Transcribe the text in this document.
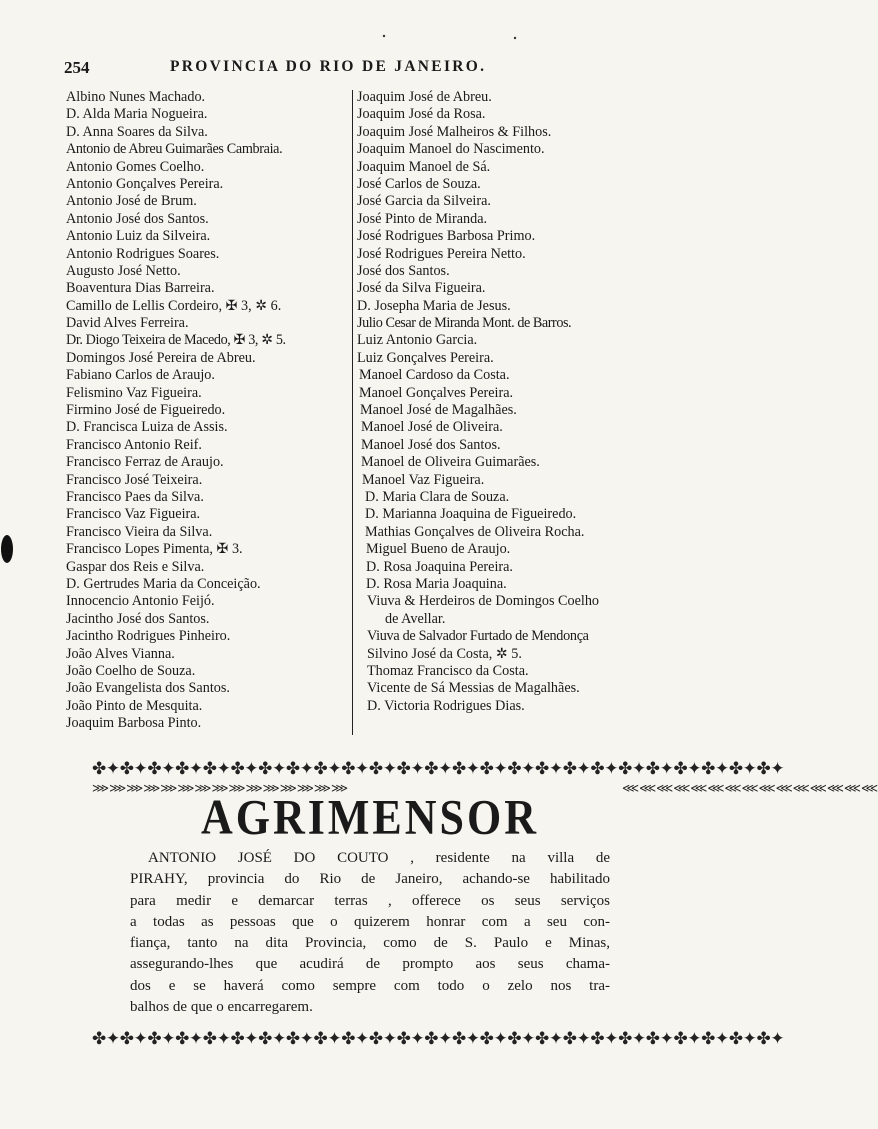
254	PROVINCIA DO RIO DE JANEIRO.
Albino Nunes Machado.
D. Alda Maria Nogueira.
D. Anna Soares da Silva.
Antonio de Abreu Guimarães Cambraia.
Antonio Gomes Coelho.
Antonio Gonçalves Pereira.
Antonio José de Brum.
Antonio José dos Santos.
Antonio Luiz da Silveira.
Antonio Rodrigues Soares.
Augusto José Netto.
Boaventura Dias Barreira.
Camillo de Lellis Cordeiro, ✠ 3, ✲ 6.
David Alves Ferreira.
Dr. Diogo Teixeira de Macedo, ✠ 3, ✲ 5.
Domingos José Pereira de Abreu.
Fabiano Carlos de Araujo.
Felismino Vaz Figueira.
Firmino José de Figueiredo.
D. Francisca Luiza de Assis.
Francisco Antonio Reif.
Francisco Ferraz de Araujo.
Francisco José Teixeira.
Francisco Paes da Silva.
Francisco Vaz Figueira.
Francisco Vieira da Silva.
Francisco Lopes Pimenta, ✠ 3.
Gaspar dos Reis e Silva.
D. Gertrudes Maria da Conceição.
Innocencio Antonio Feijó.
Jacintho José dos Santos.
Jacintho Rodrigues Pinheiro.
João Alves Vianna.
João Coelho de Souza.
João Evangelista dos Santos.
João Pinto de Mesquita.
Joaquim Barbosa Pinto.
Joaquim José de Abreu.
Joaquim José da Rosa.
Joaquim José Malheiros & Filhos.
Joaquim Manoel do Nascimento.
Joaquim Manoel de Sá.
José Carlos de Souza.
José Garcia da Silveira.
José Pinto de Miranda.
José Rodrigues Barbosa Primo.
José Rodrigues Pereira Netto.
José dos Santos.
José da Silva Figueira.
D. Josepha Maria de Jesus.
Julio Cesar de Miranda Mont. de Barros.
Luiz Antonio Garcia.
Luiz Gonçalves Pereira.
Manoel Cardoso da Costa.
Manoel Gonçalves Pereira.
Manoel José de Magalhães.
Manoel José de Oliveira.
Manoel José dos Santos.
Manoel de Oliveira Guimarães.
Manoel Vaz Figueira.
D. Maria Clara de Souza.
D. Marianna Joaquina de Figueiredo.
Mathias Gonçalves de Oliveira Rocha.
Miguel Bueno de Araujo.
D. Rosa Joaquina Pereira.
D. Rosa Maria Joaquina.
Viuva & Herdeiros de Domingos Coelho
de Avellar.
Viuva de Salvador Furtado de Mendonça
Silvino José da Costa, ✲ 5.
Thomaz Francisco da Costa.
Vicente de Sá Messias de Magalhães.
D. Victoria Rodrigues Dias.
✤✦✤✦✤✦✤✦✤✦✤✦✤✦✤✦✤✦✤✦✤✦✤✦✤✦✤✦✤✦✤✦✤✦✤✦✤✦✤✦✤✦✤✦✤✦✤✦✤✦
⋙⋙⋙⋙⋙⋙⋙⋙⋙⋙⋙⋙⋙⋙⋙	⋘⋘⋘⋘⋘⋘⋘⋘⋘⋘⋘⋘⋘⋘⋘
✤✦✤✦✤✦✤✦✤✦✤✦✤✦✤✦✤✦✤✦✤✦✤✦✤✦✤✦✤✦✤✦✤✦✤✦✤✦✤✦✤✦✤✦✤✦✤✦✤✦
AGRIMENSOR
ANTONIO JOSÉ DO COUTO , residente na villa de
PIRAHY, provincia do Rio de Janeiro, achando-se habilitado
para medir e demarcar terras , offerece os seus serviços
a todas as pessoas que o quizerem honrar com a seu con-
fiança, tanto na dita Provincia, como de S. Paulo e Minas,
assegurando-lhes que acudirá de prompto aos seus chama-
dos e se haverá como sempre com todo o zelo nos tra-
balhos de que o encarregarem.
